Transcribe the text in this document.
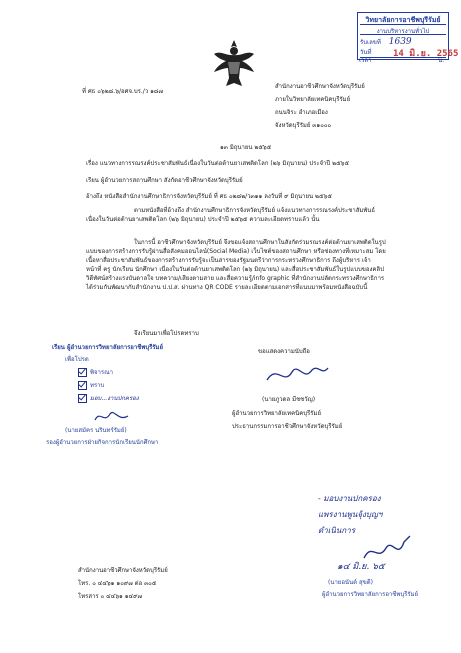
วิทยาลัยการอาชีพบุรีรัมย์
งานบริหารงานทั่วไป
รับเลขที่ 1639
วันที่	14 มิ.ย. 2565
เวลา	น.
ที่ ศธ ๐๖๒๘.๖/อศจ.บร./ว ๑๘๗
สำนักงานอาชีวศึกษาจังหวัดบุรีรัมย์
ภายในวิทยาลัยเทคนิคบุรีรัมย์
ถนนจิระ อำเภอเมือง
จังหวัดบุรีรัมย์ ๓๑๐๐๐
๑๓ มิถุนายน ๒๕๖๕
เรื่อง แนวทางการรณรงค์ประชาสัมพันธ์เนื่องในวันต่อต้านยาเสพติดโลก (๒๖ มิถุนายน) ประจำปี ๒๕๖๕
เรียน ผู้อำนวยการสถานศึกษา สังกัดอาชีวศึกษาจังหวัดบุรีรัมย์
อ้างถึง หนังสือสำนักงานศึกษาธิการจังหวัดบุรีรัมย์ ที่ ศธ ๐๒๘๒/ว๓๑๑ ลงวันที่ ๙ มิถุนายน ๒๕๖๕
ตามหนังสือที่อ้างถึง สำนักงานศึกษาธิการจังหวัดบุรีรัมย์ แจ้งแนวทางการรณรงค์ประชาสัมพันธ์เนื่องในวันต่อต้านยาเสพติดโลก (๒๖ มิถุนายน) ประจำปี ๒๕๖๕ ความละเอียดทราบแล้ว นั้น
ในการนี้ อาชีวศึกษาจังหวัดบุรีรัมย์ จึงขอแจ้งสถานศึกษาในสังกัดร่วมรณรงค์ต่อต้านยาเสพติดในรูปแบบของการสร้างการรับรู้ผ่านสื่อสังคมออนไลน์(Social Media) เว็บไซต์ของสถานศึกษา หรือช่องทางที่เหมาะสม โดยเนื้อหาสื่อประชาสัมพันธ์ของการสร้างการรับรู้จะเป็นสารของรัฐมนตรีว่าการกระทรวงศึกษาธิการ ถึงผู้บริหาร เจ้าหน้าที่ ครู นักเรียน นักศึกษา เนื่องในวันต่อต้านยาเสพติดโลก (๒๖ มิถุนายน) และสื่อประชาสัมพันธ์ในรูปแบบของคลิปวิดีทัศน์สร้างแรงบันดาลใจ บทความ/เสียงตามสาย และสื่อความรู้/info graphic ที่สำนักงานปลัดกระทรวงศึกษาธิการได้ร่วมกันพัฒนากับสำนักงาน ป.ป.ส. ผ่านทาง QR CODE รายละเอียดตามเอกสารที่แนบมาพร้อมหนังสือฉบับนี้
จึงเรียนมาเพื่อโปรดทราบ
ขอแสดงความนับถือ
(นายภูวดล มีชชวัญ)
ผู้อำนวยการวิทยาลัยเทคนิคบุรีรัมย์
ประธานกรรมการอาชีวศึกษาจังหวัดบุรีรัมย์
เรียน ผู้อำนวยการวิทยาลัยการอาชีพบุรีรัมย์
เพื่อโปรด
พิจารณา
ทราบ
มอบ...งานปกครอง
(นายสมัคร นรินทร์รัมย์)
รองผู้อำนวยการฝ่ายกิจการนักเรียนนักศึกษา
- มอบงานปกครอง
แพรงานพูนจุ้งบุญฯ
ดำเนินการ
๑๔ มิ.ย. ๖๕
(นายอนันต์ สุขดี)
ผู้อำนวยการวิทยาลัยการอาชีพบุรีรัมย์
สำนักงานอาชีวศึกษาจังหวัดบุรีรัมย์
โทร. ๐ ๔๔๖๑ ๑๐๙๗ ต่อ ๓๐๕
โทรสาร ๐ ๔๔๖๑ ๑๔๙๗
